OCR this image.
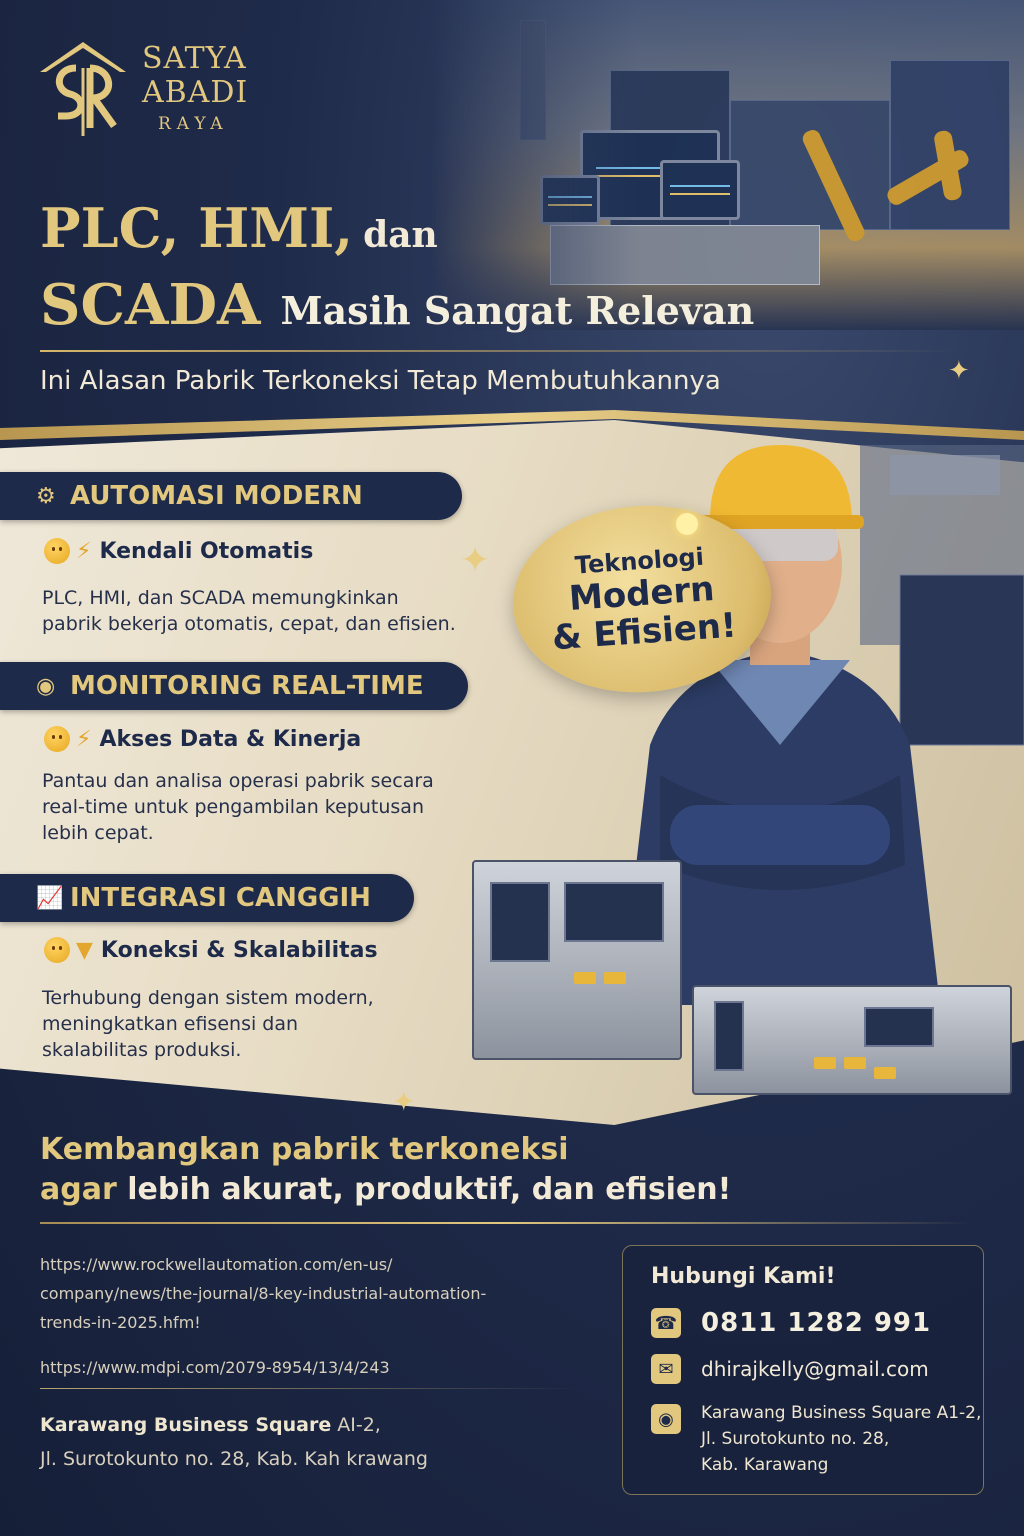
SATYA
ABADI
RAYA
PLC, HMI, dan
SCADA Masih Sangat Relevan
Ini Alasan Pabrik Terkoneksi Tetap Membutuhkannya	✦
⚙ AUTOMASI MODERN
⚡ Kendali Otomatis
PLC, HMI, dan SCADA memungkinkan
pabrik bekerja otomatis, cepat, dan efisien.
✦
◉ MONITORING REAL-TIME
⚡ Akses Data & Kinerja
Pantau dan analisa operasi pabrik secara
real-time untuk pengambilan keputusan
lebih cepat.
📈 INTEGRASI CANGGIH
▼ Koneksi & Skalabilitas
Terhubung dengan sistem modern,
meningkatkan efisensi dan
skalabilitas produksi.
Teknologi
Modern
& Efisien!
✦
Kembangkan pabrik terkoneksi
agar lebih akurat, produktif, dan efisien!
https://www.rockwellautomation.com/en-us/
company/news/the-journal/8-key-industrial-automation-
trends-in-2025.hfm!
https://www.mdpi.com/2079-8954/13/4/243
Karawang Business Square AI-2,
Jl. Surotokunto no. 28, Kab. Kah krawang
Hubungi Kami!
☎ 0811 1282 991
✉	dhirajkelly@gmail.com
◉	Karawang Business Square A1-2,
Jl. Surotokunto no. 28,
Kab. Karawang
